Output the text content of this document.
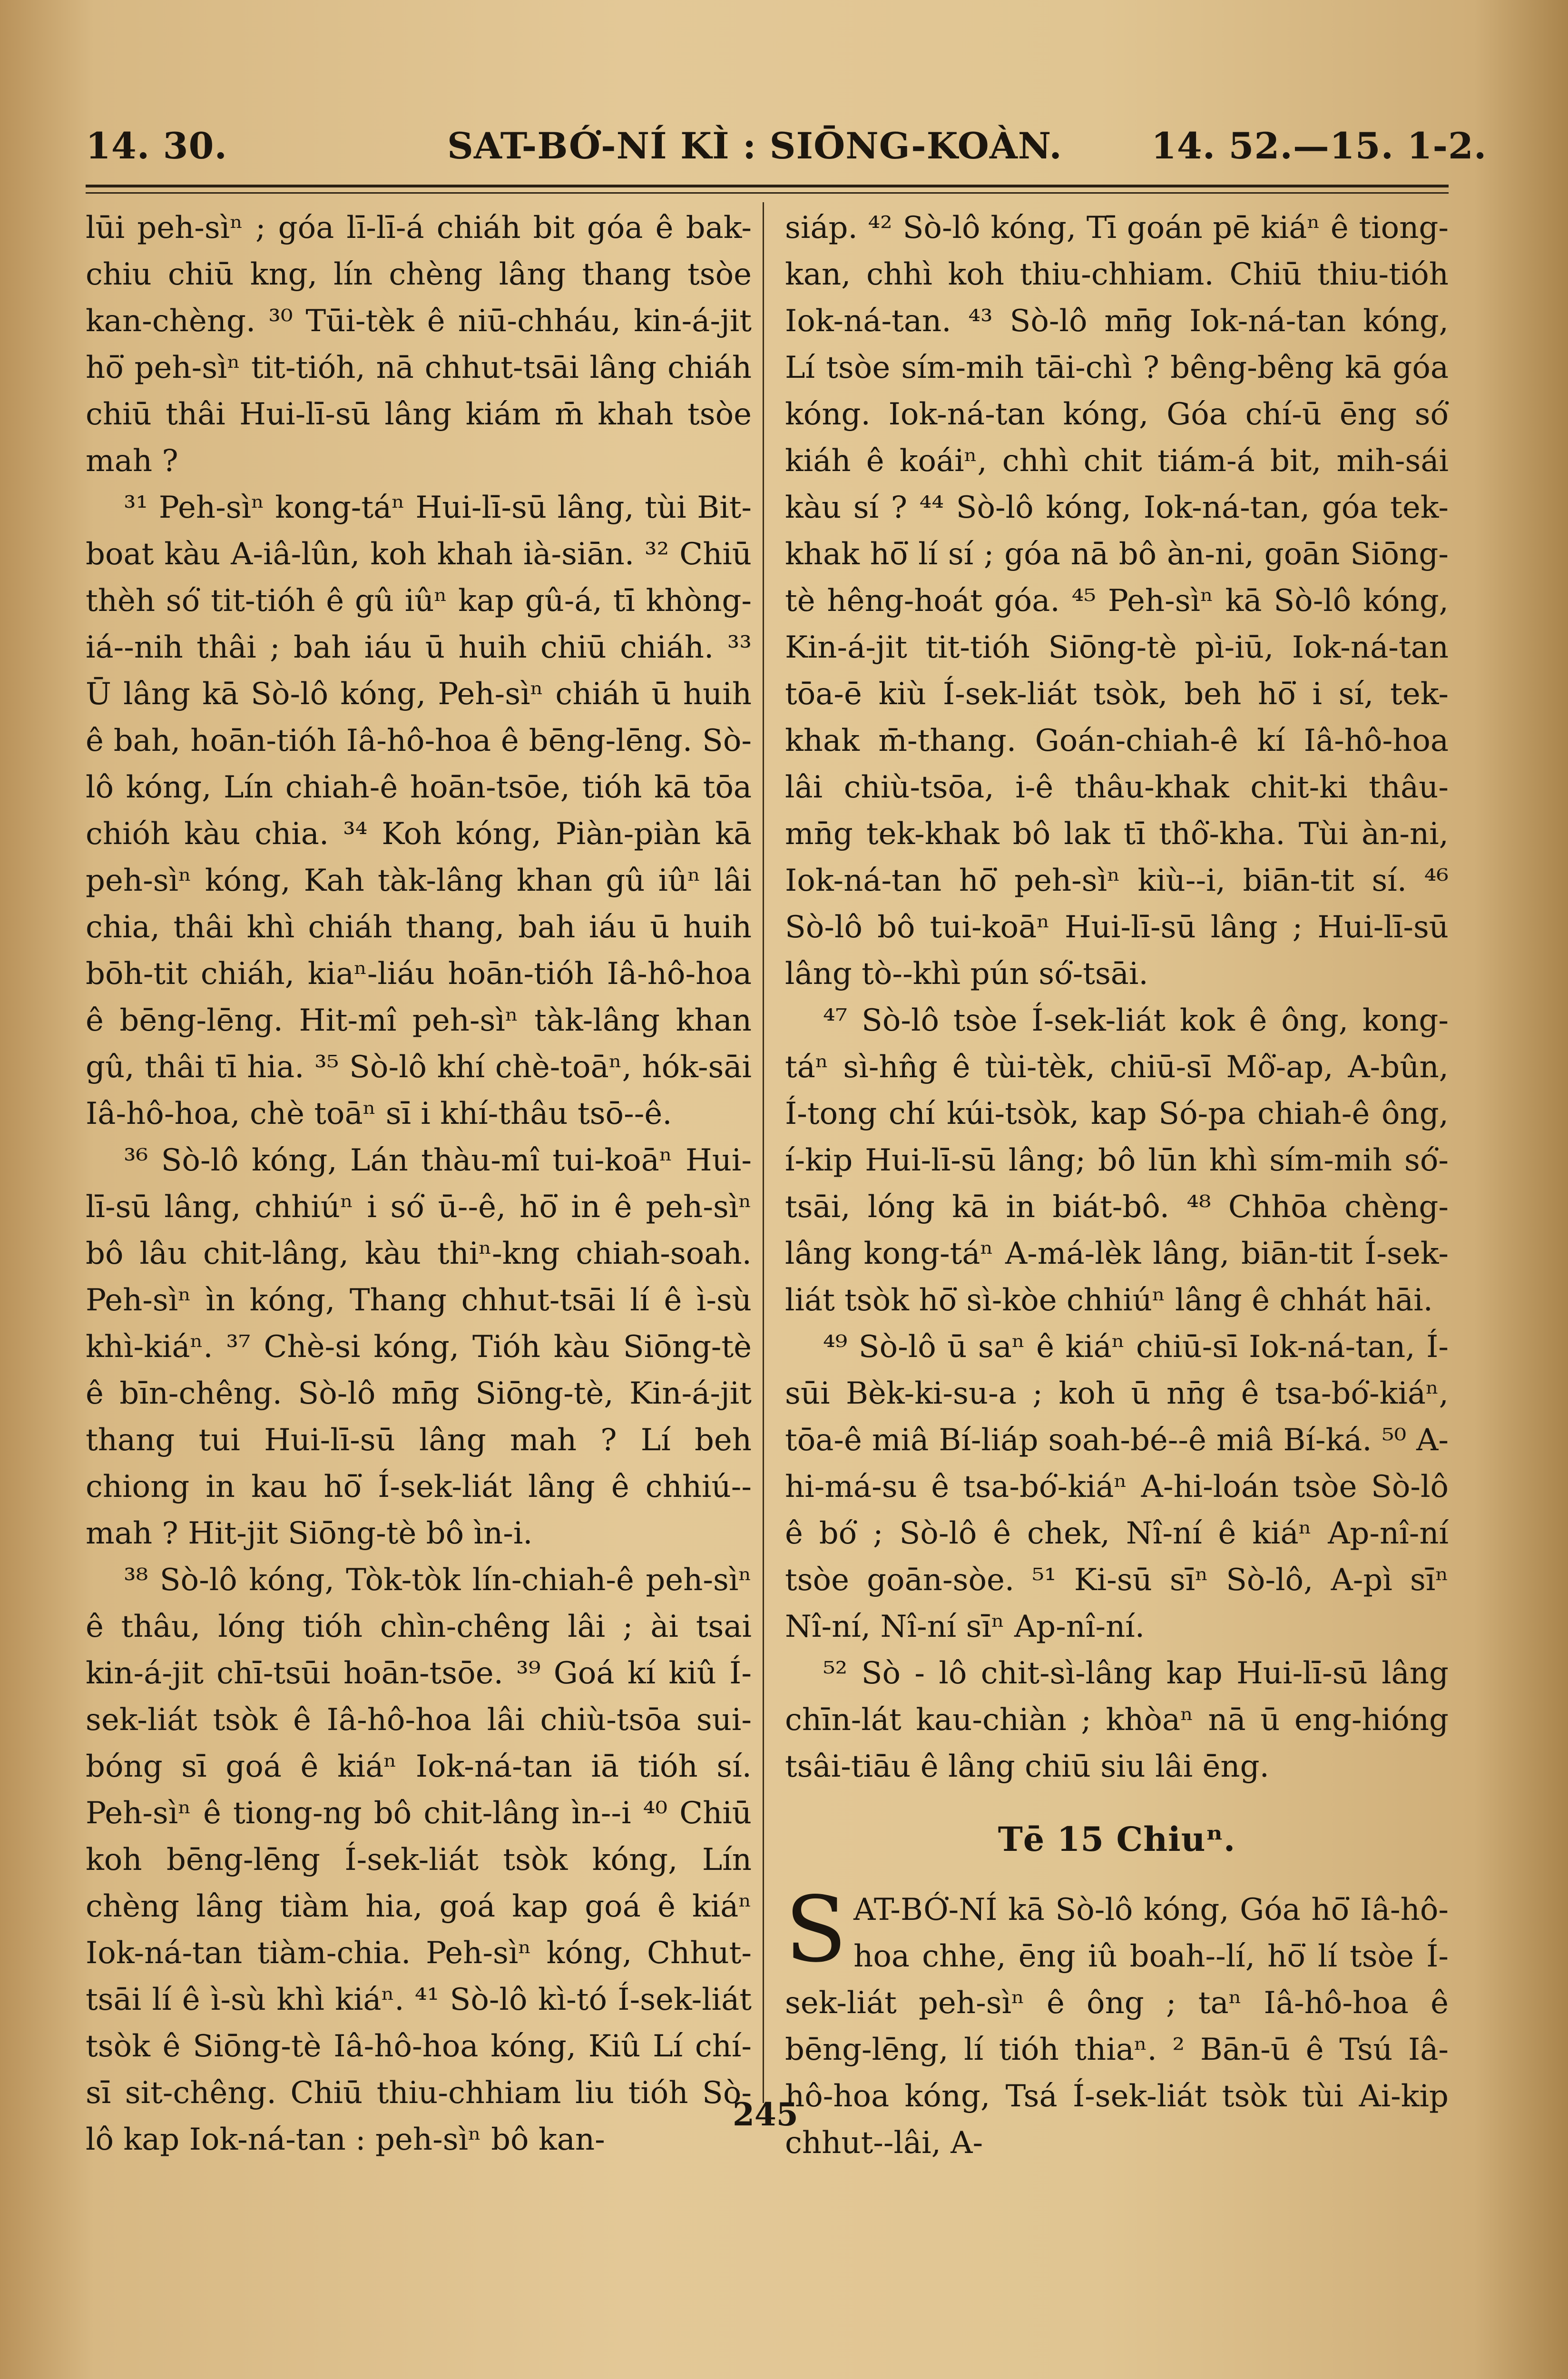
14. 30.	SAT-BÓ͘-NÍ KÌ : SIŌNG-KOÀN. 14. 52.—15. 1-2.

lūi peh-sìⁿ ; góa lī-lī-á chiáh bit góa ê bak-chiu chiū kng, lín chèng lâng thang tsòe kan-chèng. ³⁰ Tūi-tèk ê niū-chháu, kin-á-jit hō͘ peh-sìⁿ tit-tióh, nā chhut-tsāi lâng chiáh chiū thâi Hui-lī-sū lâng kiám m̄ khah tsòe mah ?

³¹ Peh-sìⁿ kong-táⁿ Hui-lī-sū lâng, tùi Bit-boat kàu A-iâ-lûn, koh khah ià-siān. ³² Chiū thèh só͘ tit-tióh ê gû iûⁿ kap gû-á, tī khòng-iá--nih thâi ; bah iáu ū huih chiū chiáh. ³³ Ū lâng kā Sò-lô kóng, Peh-sìⁿ chiáh ū huih ê bah, hoān-tióh Iâ-hô-hoa ê bēng-lēng. Sò-lô kóng, Lín chiah-ê hoān-tsōe, tióh kā tōa chióh kàu chia. ³⁴ Koh kóng, Piàn-piàn kā peh-sìⁿ kóng, Kah tàk-lâng khan gû iûⁿ lâi chia, thâi khì chiáh thang, bah iáu ū huih bōh-tit chiáh, kiaⁿ-liáu hoān-tióh Iâ-hô-hoa ê bēng-lēng. Hit-mî peh-sìⁿ tàk-lâng khan gû, thâi tī hia. ³⁵ Sò-lô khí chè-toāⁿ, hók-sāi Iâ-hô-hoa, chè toāⁿ sī i khí-thâu tsō--ê.

³⁶ Sò-lô kóng, Lán thàu-mî tui-koāⁿ Hui-lī-sū lâng, chhiúⁿ i só͘ ū--ê, hō͘ in ê peh-sìⁿ bô lâu chit-lâng, kàu thiⁿ-kng chiah-soah. Peh-sìⁿ ìn kóng, Thang chhut-tsāi lí ê ì-sù khì-kiáⁿ. ³⁷ Chè-si kóng, Tióh kàu Siōng-tè ê bīn-chêng. Sò-lô mn̄g Siōng-tè, Kin-á-jit thang tui Hui-lī-sū lâng mah ? Lí beh chiong in kau hō͘ Í-sek-liát lâng ê chhiú--mah ? Hit-jit Siōng-tè bô ìn-i.

³⁸ Sò-lô kóng, Tòk-tòk lín-chiah-ê peh-sìⁿ ê thâu, lóng tióh chìn-chêng lâi ; ài tsai kin-á-jit chī-tsūi hoān-tsōe. ³⁹ Goá kí kiû Í-sek-liát tsòk ê Iâ-hô-hoa lâi chiù-tsōa sui-bóng sī goá ê kiáⁿ Iok-ná-tan iā tióh sí. Peh-sìⁿ ê tiong-ng bô chit-lâng ìn--i ⁴⁰ Chiū koh bēng-lēng Í-sek-liát tsòk kóng, Lín chèng lâng tiàm hia, goá kap goá ê kiáⁿ Iok-ná-tan tiàm-chia. Peh-sìⁿ kóng, Chhut-tsāi lí ê ì-sù khì kiáⁿ. ⁴¹ Sò-lô kì-tó Í-sek-liát tsòk ê Siōng-tè Iâ-hô-hoa kóng, Kiû Lí chí-sī sit-chêng. Chiū thiu-chhiam liu tióh Sò-lô kap Iok-ná-tan : peh-sìⁿ bô kan-

siáp. ⁴² Sò-lô kóng, Tī goán pē kiáⁿ ê tiong-kan, chhì koh thiu-chhiam. Chiū thiu-tióh Iok-ná-tan. ⁴³ Sò-lô mn̄g Iok-ná-tan kóng, Lí tsòe sím-mih tāi-chì ? bêng-bêng kā góa kóng. Iok-ná-tan kóng, Góa chí-ū ēng só͘ kiáh ê koáiⁿ, chhì chit tiám-á bit, mih-sái kàu sí ? ⁴⁴ Sò-lô kóng, Iok-ná-tan, góa tek-khak hō͘ lí sí ; góa nā bô àn-ni, goān Siōng-tè hêng-hoát góa. ⁴⁵ Peh-sìⁿ kā Sò-lô kóng, Kin-á-jit tit-tióh Siōng-tè pì-iū, Iok-ná-tan tōa-ē kiù Í-sek-liát tsòk, beh hō͘ i sí, tek-khak m̄-thang. Goán-chiah-ê kí Iâ-hô-hoa lâi chiù-tsōa, i-ê thâu-khak chit-ki thâu-mn̄g tek-khak bô lak tī thô͘-kha. Tùi àn-ni, Iok-ná-tan hō͘ peh-sìⁿ kiù--i, biān-tit sí. ⁴⁶ Sò-lô bô tui-koāⁿ Hui-lī-sū lâng ; Hui-lī-sū lâng tò--khì pún só͘-tsāi.

⁴⁷ Sò-lô tsòe Í-sek-liát kok ê ông, kong-táⁿ sì-hn̂g ê tùi-tèk, chiū-sī Mô͘-ap, A-bûn, Í-tong chí kúi-tsòk, kap Só-pa chiah-ê ông, í-kip Hui-lī-sū lâng; bô lūn khì sím-mih só͘-tsāi, lóng kā in biát-bô. ⁴⁸ Chhōa chèng-lâng kong-táⁿ A-má-lèk lâng, biān-tit Í-sek-liát tsòk hō͘ sì-kòe chhiúⁿ lâng ê chhát hāi.

⁴⁹ Sò-lô ū saⁿ ê kiáⁿ chiū-sī Iok-ná-tan, Í-sūi Bèk-ki-su-a ; koh ū nn̄g ê tsa-bó͘-kiáⁿ, tōa-ê miâ Bí-liáp soah-bé--ê miâ Bí-ká. ⁵⁰ A-hi-má-su ê tsa-bó͘-kiáⁿ A-hi-loán tsòe Sò-lô ê bó͘ ; Sò-lô ê chek, Nî-ní ê kiáⁿ Ap-nî-ní tsòe goān-sòe. ⁵¹ Ki-sū sīⁿ Sò-lô, A-pì sīⁿ Nî-ní, Nî-ní sīⁿ Ap-nî-ní.

⁵² Sò - lô chit-sì-lâng kap Hui-lī-sū lâng chīn-lát kau-chiàn ; khòaⁿ nā ū eng-hióng tsâi-tiāu ê lâng chiū siu lâi ēng.

Tē 15 Chiuⁿ.

SAT-BÓ͘-NÍ kā Sò-lô kóng, Góa hō͘ Iâ-hô-hoa chhe, ēng iû boah--lí, hō͘ lí tsòe Í-sek-liát peh-sìⁿ ê ông ; taⁿ Iâ-hô-hoa ê bēng-lēng, lí tióh thiaⁿ. ² Bān-ū ê Tsú Iâ-hô-hoa kóng, Tsá Í-sek-liát tsòk tùi Ai-kip chhut--lâi, A-

245
